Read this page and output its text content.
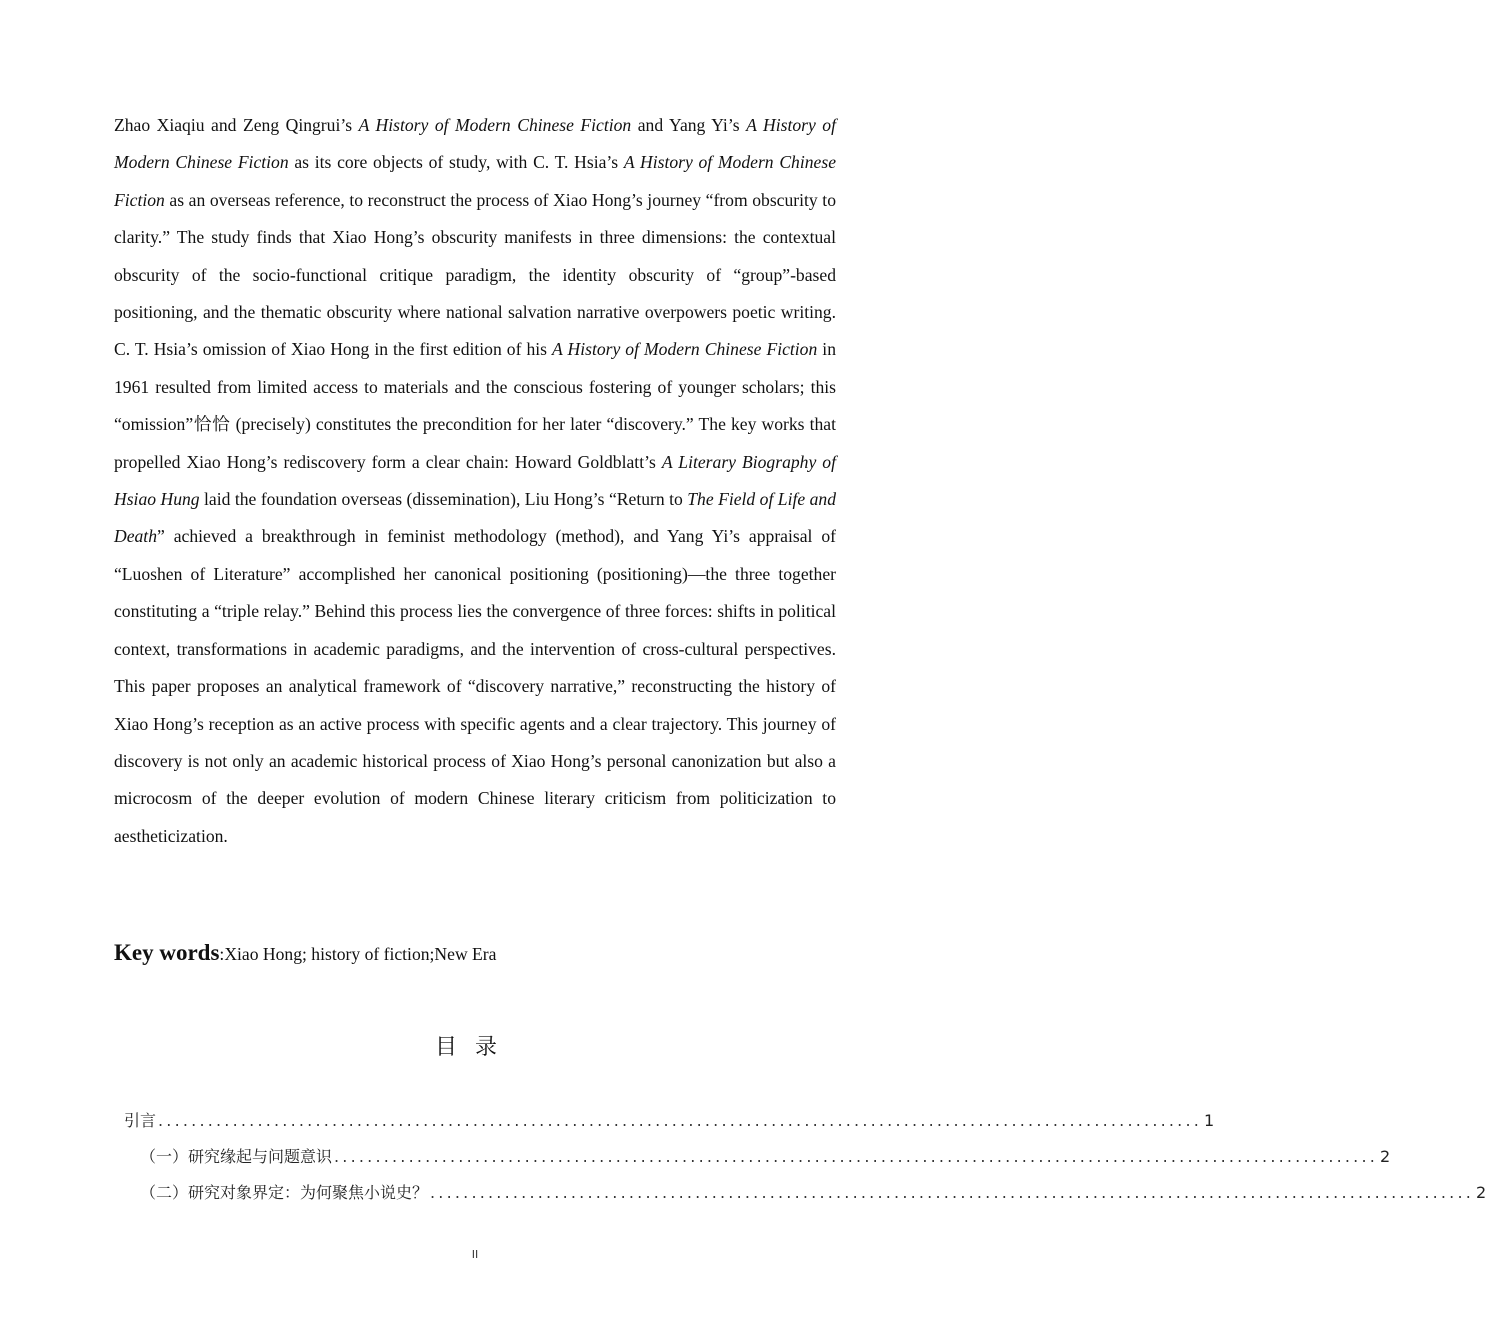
Zhao Xiaqiu and Zeng Qingrui’s A History of Modern Chinese Fiction and Yang Yi’s A History of Modern Chinese Fiction as its core objects of study, with C. T. Hsia’s A History of Modern Chinese Fiction as an overseas reference, to reconstruct the process of Xiao Hong’s journey “from obscurity to clarity.” The study finds that Xiao Hong’s obscurity manifests in three dimensions: the contextual obscurity of the socio-functional critique paradigm, the identity obscurity of “group”-based positioning, and the thematic obscurity where national salvation narrative overpowers poetic writing. C. T. Hsia’s omission of Xiao Hong in the first edition of his A History of Modern Chinese Fiction in 1961 resulted from limited access to materials and the conscious fostering of younger scholars; this “omission”恰恰 (precisely) constitutes the precondition for her later “discovery.” The key works that propelled Xiao Hong’s rediscovery form a clear chain: Howard Goldblatt’s A Literary Biography of Hsiao Hung laid the foundation overseas (dissemination), Liu Hong’s “Return to The Field of Life and Death” achieved a breakthrough in feminist methodology (method), and Yang Yi’s appraisal of “Luoshen of Literature” accomplished her canonical positioning (positioning)—the three together constituting a “triple relay.” Behind this process lies the convergence of three forces: shifts in political context, transformations in academic paradigms, and the intervention of cross-cultural perspectives. This paper proposes an analytical framework of “discovery narrative,” reconstructing the history of Xiao Hong’s reception as an active process with specific agents and a clear trajectory. This journey of discovery is not only an academic historical process of Xiao Hong’s personal canonization but also a microcosm of the deeper evolution of modern Chinese literary criticism from politicization to aestheticization.

Key words:Xiao Hong; history of fiction;New Era

目录
引言 .............................................................................................................................. 1
（一）研究缘起与问题意识 .............................................................................................................................. 2
（二）研究对象界定：为何聚焦小说史？ .............................................................................................................................. 2
II
